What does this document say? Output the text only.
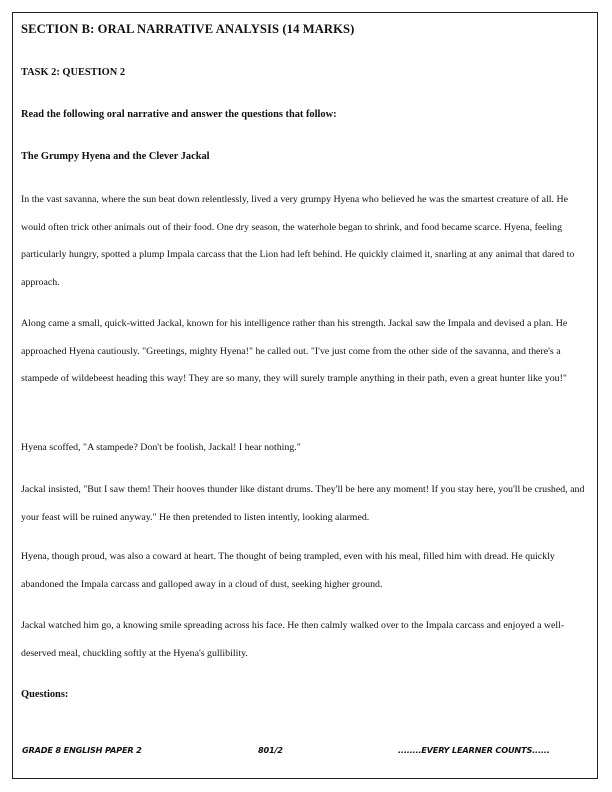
SECTION B: ORAL NARRATIVE ANALYSIS (14 MARKS)
TASK 2: QUESTION 2
Read the following oral narrative and answer the questions that follow:
The Grumpy Hyena and the Clever Jackal
In the vast savanna, where the sun beat down relentlessly, lived a very grumpy Hyena who believed he was the smartest creature of all. He would often trick other animals out of their food. One dry season, the waterhole began to shrink, and food became scarce. Hyena, feeling particularly hungry, spotted a plump Impala carcass that the Lion had left behind. He quickly claimed it, snarling at any animal that dared to approach.
Along came a small, quick-witted Jackal, known for his intelligence rather than his strength. Jackal saw the Impala and devised a plan. He approached Hyena cautiously. "Greetings, mighty Hyena!" he called out. "I've just come from the other side of the savanna, and there's a stampede of wildebeest heading this way! They are so many, they will surely trample anything in their path, even a great hunter like you!"
Hyena scoffed, "A stampede? Don't be foolish, Jackal! I hear nothing."
Jackal insisted, "But I saw them! Their hooves thunder like distant drums. They'll be here any moment! If you stay here, you'll be crushed, and your feast will be ruined anyway." He then pretended to listen intently, looking alarmed.
Hyena, though proud, was also a coward at heart. The thought of being trampled, even with his meal, filled him with dread. He quickly abandoned the Impala carcass and galloped away in a cloud of dust, seeking higher ground.
Jackal watched him go, a knowing smile spreading across his face. He then calmly walked over to the Impala carcass and enjoyed a well-deserved meal, chuckling softly at the Hyena's gullibility.
Questions:
GRADE 8 ENGLISH PAPER 2	801/2	........EVERY LEARNER COUNTS......
